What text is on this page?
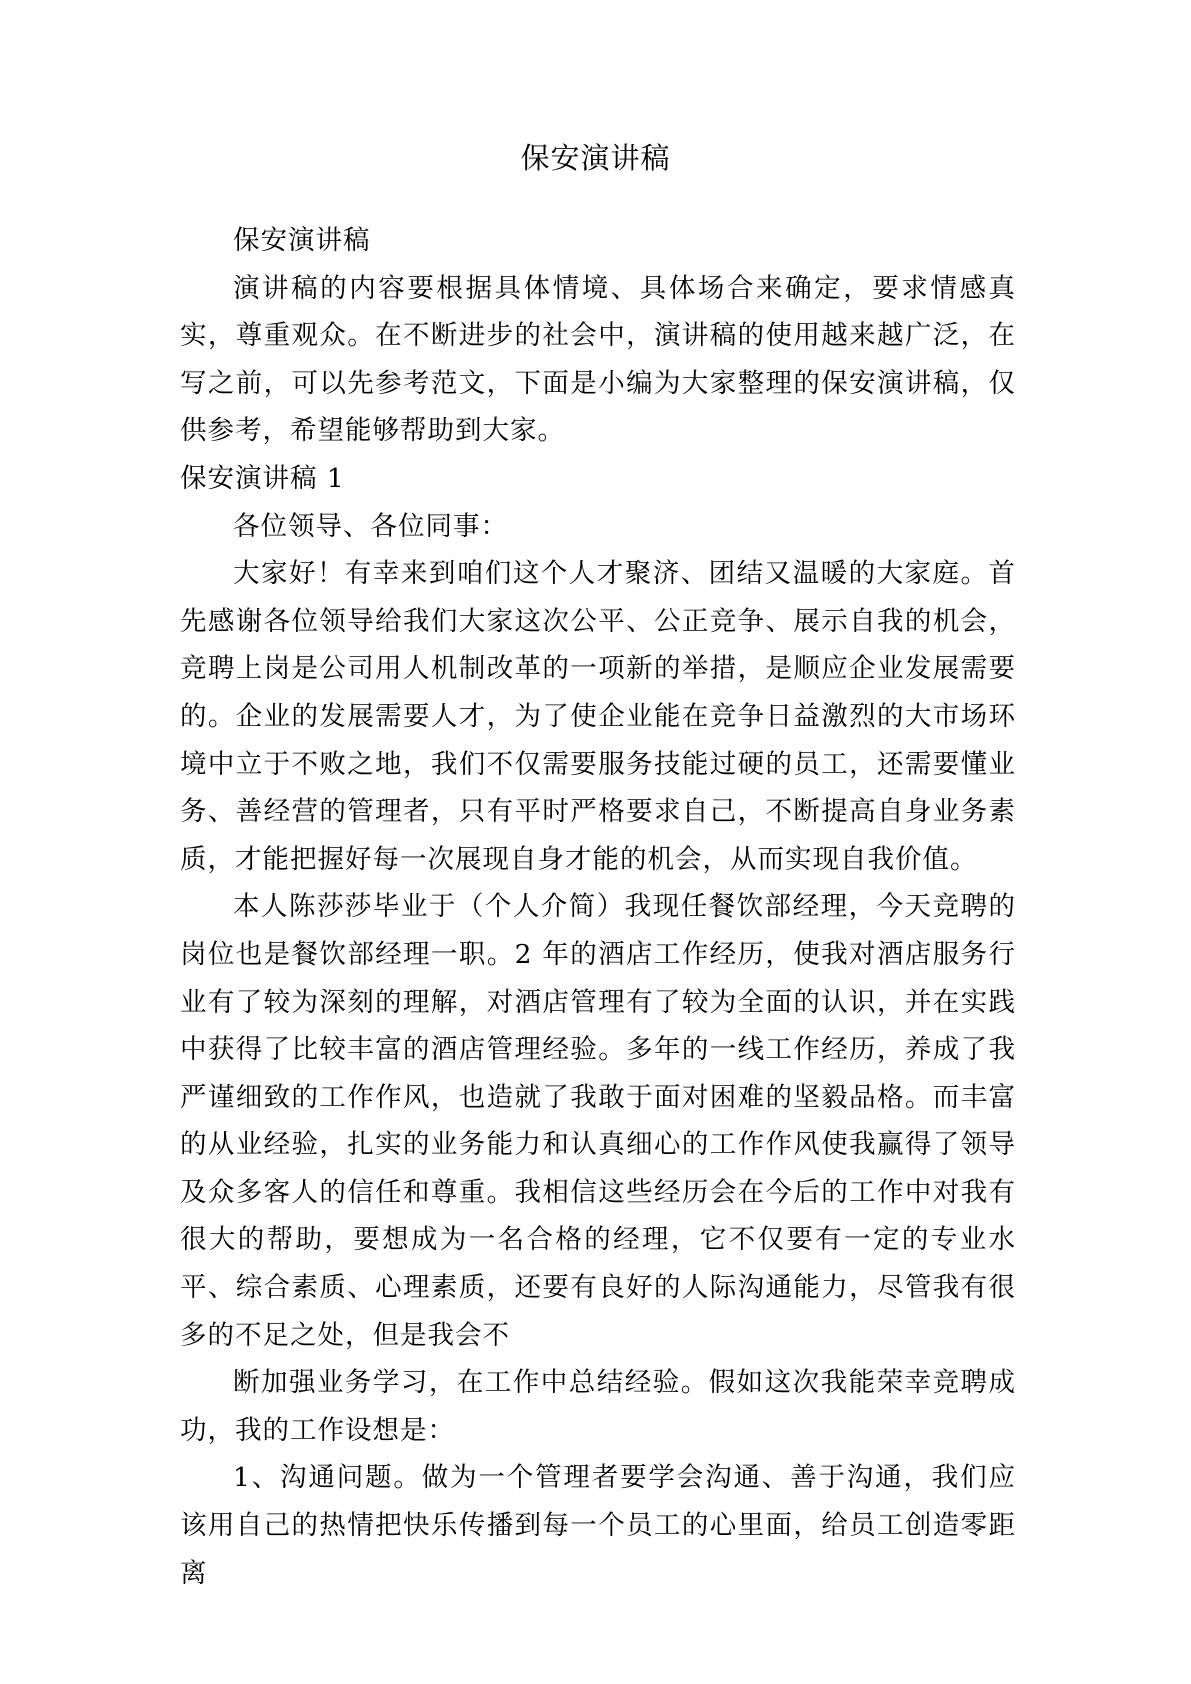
保安演讲稿

保安演讲稿

演讲稿的内容要根据具体情境、具体场合来确定，要求情感真实，尊重观众。在不断进步的社会中，演讲稿的使用越来越广泛，在写之前，可以先参考范文，下面是小编为大家整理的保安演讲稿，仅供参考，希望能够帮助到大家。

保安演讲稿 1

各位领导、各位同事：

大家好！有幸来到咱们这个人才聚济、团结又温暖的大家庭。首先感谢各位领导给我们大家这次公平、公正竞争、展示自我的机会，竞聘上岗是公司用人机制改革的一项新的举措，是顺应企业发展需要的。企业的发展需要人才，为了使企业能在竞争日益激烈的大市场环境中立于不败之地，我们不仅需要服务技能过硬的员工，还需要懂业务、善经营的管理者，只有平时严格要求自己，不断提高自身业务素质，才能把握好每一次展现自身才能的机会，从而实现自我价值。

本人陈莎莎毕业于（个人介简）我现任餐饮部经理，今天竞聘的岗位也是餐饮部经理一职。2 年的酒店工作经历，使我对酒店服务行业有了较为深刻的理解，对酒店管理有了较为全面的认识，并在实践中获得了比较丰富的酒店管理经验。多年的一线工作经历，养成了我严谨细致的工作作风，也造就了我敢于面对困难的坚毅品格。而丰富的从业经验，扎实的业务能力和认真细心的工作作风使我赢得了领导及众多客人的信任和尊重。我相信这些经历会在今后的工作中对我有很大的帮助，要想成为一名合格的经理，它不仅要有一定的专业水平、综合素质、心理素质，还要有良好的人际沟通能力，尽管我有很多的不足之处，但是我会不

断加强业务学习，在工作中总结经验。假如这次我能荣幸竞聘成功，我的工作设想是：

1、沟通问题。做为一个管理者要学会沟通、善于沟通，我们应该用自己的热情把快乐传播到每一个员工的心里面，给员工创造零距离
